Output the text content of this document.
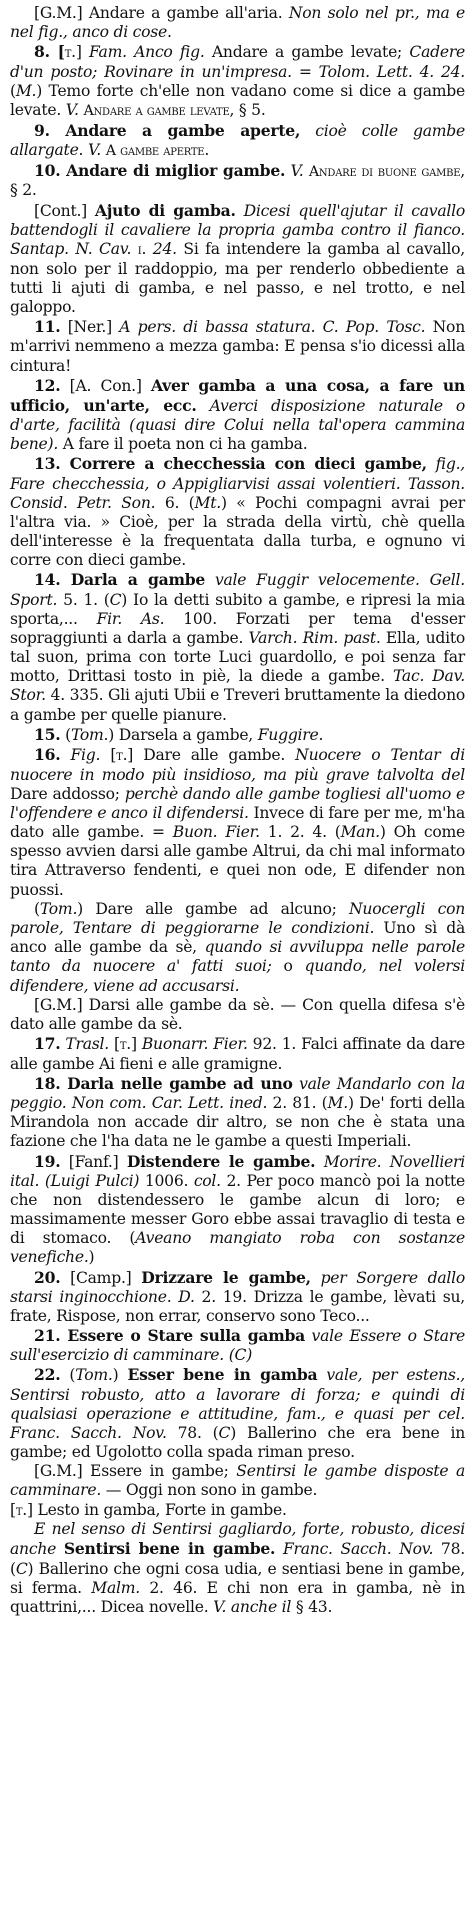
[G.M.] Andare a gambe all'aria. Non solo nel pr., ma e nel fig., anco di cose.

8. [t.] Fam. Anco fig. Andare a gambe levate; Cadere d'un posto; Rovinare in un'impresa. = Tolom. Lett. 4. 24. (M.) Temo forte ch'elle non vadano come si dice a gambe levate. V. Andare a gambe levate, § 5.

9. Andare a gambe aperte, cioè colle gambe allargate. V. A gambe aperte.

10. Andare di miglior gambe. V. Andare di buone gambe, § 2.

[Cont.] Ajuto di gamba. Dicesi quell'ajutar il cavallo battendogli il cavaliere la propria gamba contro il fianco. Santap. N. Cav. i. 24. Si fa intendere la gamba al cavallo, non solo per il raddoppio, ma per renderlo obbediente a tutti li ajuti di gamba, e nel passo, e nel trotto, e nel galoppo.

11. [Ner.] A pers. di bassa statura. C. Pop. Tosc. Non m'arrivi nemmeno a mezza gamba: E pensa s'io dicessi alla cintura!

12. [A. Con.] Aver gamba a una cosa, a fare un ufficio, un'arte, ecc. Averci disposizione naturale o d'arte, facilità (quasi dire Colui nella tal'opera cammina bene). A fare il poeta non ci ha gamba.

13. Correre a checchessia con dieci gambe, fig., Fare checchessia, o Appigliarvisi assai volentieri. Tasson. Consid. Petr. Son. 6. (Mt.) « Pochi compagni avrai per l'altra via. » Cioè, per la strada della virtù, chè quella dell'interesse è la frequentata dalla turba, e ognuno vi corre con dieci gambe.

14. Darla a gambe vale Fuggir velocemente. Gell. Sport. 5. 1. (C) Io la detti subito a gambe, e ripresi la mia sporta,... Fir. As. 100. Forzati per tema d'esser sopraggiunti a darla a gambe. Varch. Rim. past. Ella, udito tal suon, prima con torte Luci guardollo, e poi senza far motto, Drittasi tosto in piè, la diede a gambe. Tac. Dav. Stor. 4. 335. Gli ajuti Ubii e Treveri bruttamente la diedono a gambe per quelle pianure.

15. (Tom.) Darsela a gambe, Fuggire.

16. Fig. [t.] Dare alle gambe. Nuocere o Tentar di nuocere in modo più insidioso, ma più grave talvolta del Dare addosso; perchè dando alle gambe togliesi all'uomo e l'offendere e anco il difendersi. Invece di fare per me, m'ha dato alle gambe. = Buon. Fier. 1. 2. 4. (Man.) Oh come spesso avvien darsi alle gambe Altrui, da chi mal informato tira Attraverso fendenti, e quei non ode, E difender non puossi.

(Tom.) Dare alle gambe ad alcuno; Nuocergli con parole, Tentare di peggiorarne le condizioni. Uno sì dà anco alle gambe da sè, quando si avviluppa nelle parole tanto da nuocere a' fatti suoi; o quando, nel volersi difendere, viene ad accusarsi.

[G.M.] Darsi alle gambe da sè. — Con quella difesa s'è dato alle gambe da sè.

17. Trasl. [t.] Buonarr. Fier. 92. 1. Falci affinate da dare alle gambe Ai fieni e alle gramigne.

18. Darla nelle gambe ad uno vale Mandarlo con la peggio. Non com. Car. Lett. ined. 2. 81. (M.) De' forti della Mirandola non accade dir altro, se non che è stata una fazione che l'ha data ne le gambe a questi Imperiali.

19. [Fanf.] Distendere le gambe. Morire. Novellieri ital. (Luigi Pulci) 1006. col. 2. Per poco mancò poi la notte che non distendessero le gambe alcun di loro; e massimamente messer Goro ebbe assai travaglio di testa e di stomaco. (Aveano mangiato roba con sostanze venefiche.)

20. [Camp.] Drizzare le gambe, per Sorgere dallo starsi inginocchione. D. 2. 19. Drizza le gambe, lèvati su, frate, Rispose, non errar, conservo sono Teco...

21. Essere o Stare sulla gamba vale Essere o Stare sull'esercizio di camminare. (C)

22. (Tom.) Esser bene in gamba vale, per estens., Sentirsi robusto, atto a lavorare di forza; e quindi di qualsiasi operazione e attitudine, fam., e quasi per cel. Franc. Sacch. Nov. 78. (C) Ballerino che era bene in gambe; ed Ugolotto colla spada riman preso.

[G.M.] Essere in gambe; Sentirsi le gambe disposte a camminare. — Oggi non sono in gambe.

[t.] Lesto in gamba, Forte in gambe.

E nel senso di Sentirsi gagliardo, forte, robusto, dicesi anche Sentirsi bene in gambe. Franc. Sacch. Nov. 78. (C) Ballerino che ogni cosa udia, e sentiasi bene in gambe, si ferma. Malm. 2. 46. E chi non era in gamba, nè in quattrini,... Dicea novelle. V. anche il § 43.
